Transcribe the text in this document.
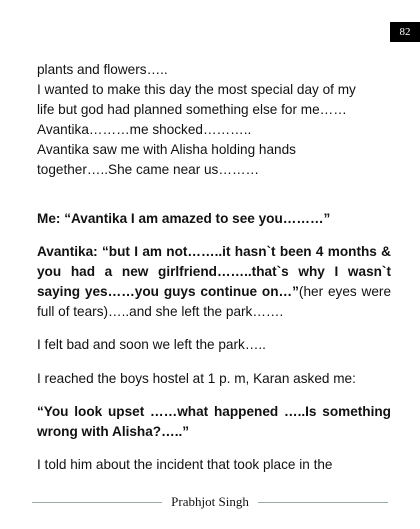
82

plants and flowers…..

I wanted to make this day the most special day of my

life but god had planned something else for me……

Avantika………me shocked………..

Avantika saw me with Alisha holding hands

together…..She came near us………

Me: “Avantika I am amazed to see you………”

Avantika: “but I am not……..it hasn`t been 4 months & you had a new girlfriend……..that`s why I wasn`t saying yes……you guys continue on…”(her eyes were full of tears)…..and she left the park…….

I felt bad and soon we left the park…..

I reached the boys hostel at 1 p. m, Karan asked me:

“You look upset ……what happened …..Is something wrong with Alisha?…..”

I told him about the incident that took place in the

Prabhjot Singh
